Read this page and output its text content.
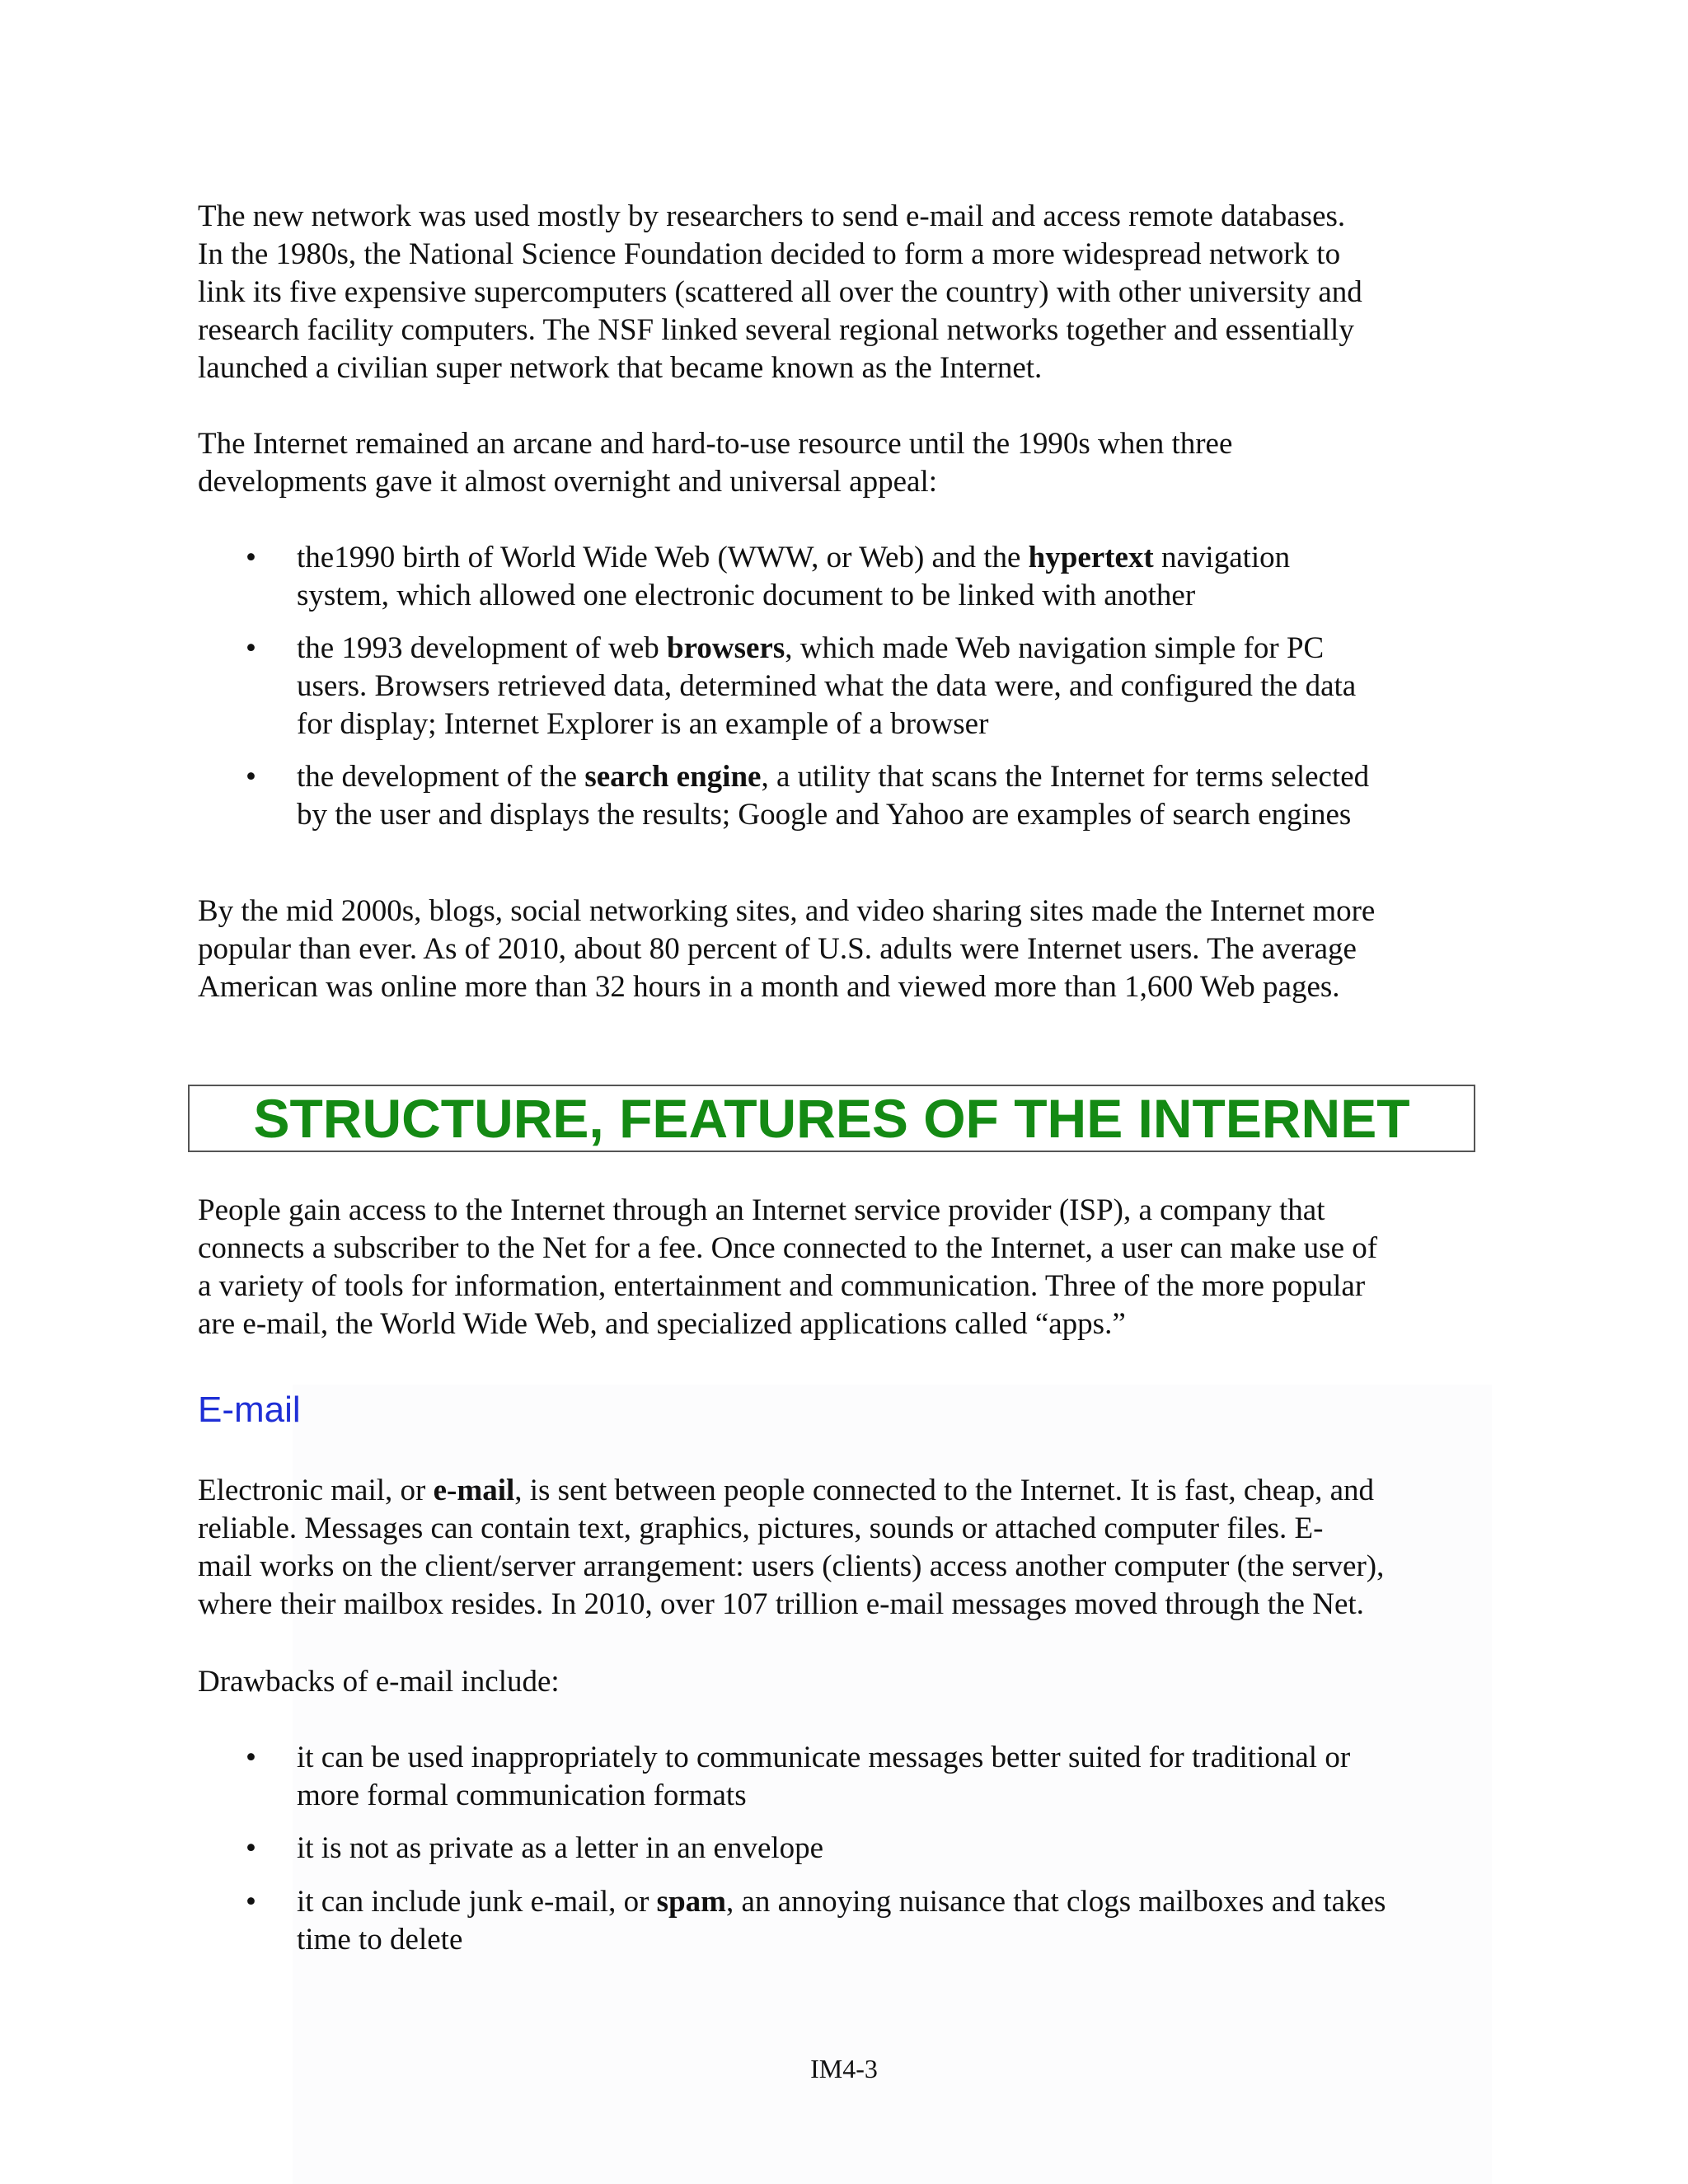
The new network was used mostly by researchers to send e-mail and access remote databases.
In the 1980s, the National Science Foundation decided to form a more widespread network to
link its five expensive supercomputers (scattered all over the country) with other university and
research facility computers. The NSF linked several regional networks together and essentially
launched a civilian super network that became known as the Internet.
The Internet remained an arcane and hard-to-use resource until the 1990s when three
developments gave it almost overnight and universal appeal:
• the1990 birth of World Wide Web (WWW, or Web) and the hypertext navigation
system, which allowed one electronic document to be linked with another
• the 1993 development of web browsers, which made Web navigation simple for PC
users. Browsers retrieved data, determined what the data were, and configured the data
for display; Internet Explorer is an example of a browser
• the development of the search engine, a utility that scans the Internet for terms selected
by the user and displays the results; Google and Yahoo are examples of search engines
By the mid 2000s, blogs, social networking sites, and video sharing sites made the Internet more
popular than ever. As of 2010, about 80 percent of U.S. adults were Internet users. The average
American was online more than 32 hours in a month and viewed more than 1,600 Web pages.
STRUCTURE, FEATURES OF THE INTERNET
People gain access to the Internet through an Internet service provider (ISP), a company that
connects a subscriber to the Net for a fee. Once connected to the Internet, a user can make use of
a variety of tools for information, entertainment and communication. Three of the more popular
are e-mail, the World Wide Web, and specialized applications called “apps.”
E-mail
Electronic mail, or e-mail, is sent between people connected to the Internet. It is fast, cheap, and
reliable. Messages can contain text, graphics, pictures, sounds or attached computer files. E-
mail works on the client/server arrangement: users (clients) access another computer (the server),
where their mailbox resides. In 2010, over 107 trillion e-mail messages moved through the Net.
Drawbacks of e-mail include:
• it can be used inappropriately to communicate messages better suited for traditional or
more formal communication formats
• it is not as private as a letter in an envelope
• it can include junk e-mail, or spam, an annoying nuisance that clogs mailboxes and takes
time to delete
IM4-3
